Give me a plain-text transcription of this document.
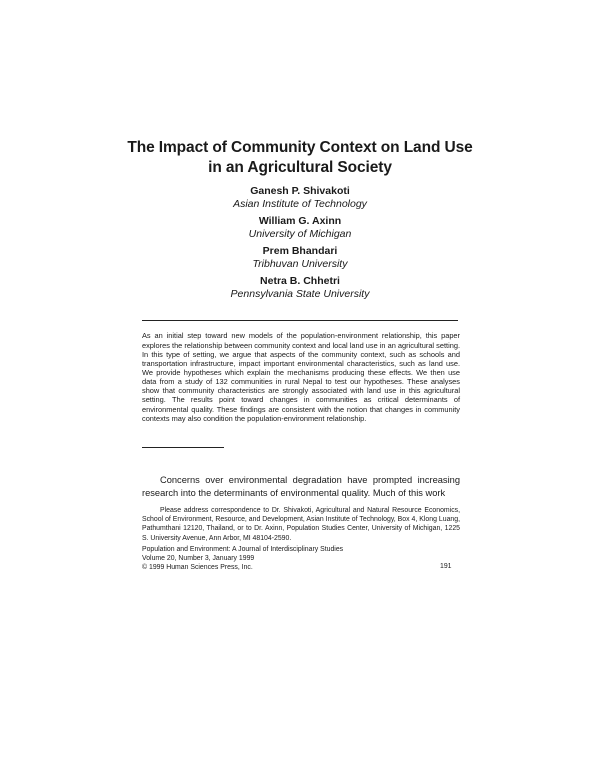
The Impact of Community Context on Land Use
in an Agricultural Society
Ganesh P. Shivakoti
Asian Institute of Technology
William G. Axinn
University of Michigan
Prem Bhandari
Tribhuvan University
Netra B. Chhetri
Pennsylvania State University

As an initial step toward new models of the population-environment relationship, this paper explores the relationship between community context and local land use in an agricultural setting. In this type of setting, we argue that aspects of the community context, such as schools and transportation infrastructure, impact important environmental characteristics, such as land use. We provide hypotheses which explain the mechanisms producing these effects. We then use data from a study of 132 communities in rural Nepal to test our hypotheses. These analyses show that community characteristics are strongly associated with land use in this agricultural setting. The results point toward changes in communities as critical determinants of environmental quality. These findings are consistent with the notion that changes in community contexts may also condition the population-environment relationship.

Concerns over environmental degradation have prompted increasing research into the determinants of environmental quality. Much of this work

Please address correspondence to Dr. Shivakoti, Agricultural and Natural Resource Economics, School of Environment, Resource, and Development, Asian Institute of Technology, Box 4, Klong Luang, Pathumthani 12120, Thailand, or to Dr. Axinn, Population Studies Center, University of Michigan, 1225 S. University Avenue, Ann Arbor, MI 48104-2590.

Population and Environment: A Journal of Interdisciplinary Studies
Volume 20, Number 3, January 1999
© 1999 Human Sciences Press, Inc.	191
